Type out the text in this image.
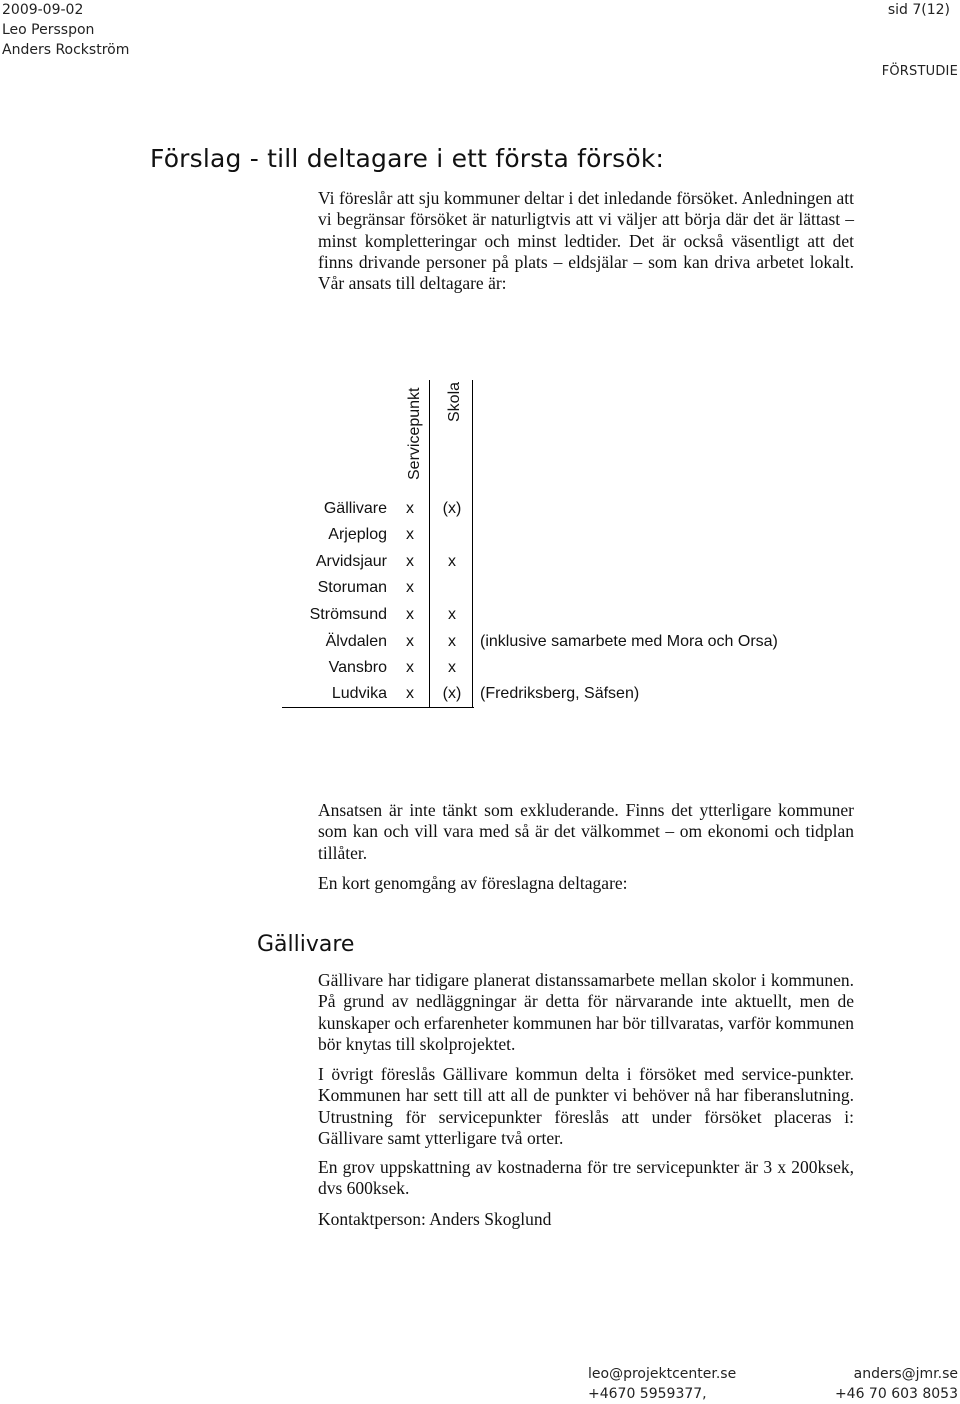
2009-09-02
Leo Persspon
Anders Rockström
sid 7(12)
FÖRSTUDIE
Förslag - till deltagare i ett första försök:

Vi föreslår att sju kommuner deltar i det inledande försöket. Anledningen att vi begränsar försöket är naturligtvis att vi väljer att börja där det är lättast – minst kompletteringar och minst ledtider. Det är också väsentligt att det finns drivande personer på plats – eldsjälar – som kan driva arbetet lokalt. Vår ansats till deltagare är:

Servicepunkt Skola
Gällivare x	(x)
Arjeplog x
Arvidsjaur x	x
Storuman x
Strömsund x	x
Älvdalen x	x	(inklusive samarbete med Mora och Orsa)
Vansbro x	x
Ludvika x	(x)	(Fredriksberg, Säfsen)

Ansatsen är inte tänkt som exkluderande. Finns det ytterligare kommuner som kan och vill vara med så är det välkommet – om ekonomi och tidplan tillåter.

En kort genomgång av föreslagna deltagare:

Gällivare

Gällivare har tidigare planerat distanssamarbete mellan skolor i kommunen. På grund av nedläggningar är detta för närvarande inte aktuellt, men de kunskaper och erfarenheter kommunen har bör tillvaratas, varför kommunen bör knytas till skolprojektet.

I övrigt föreslås Gällivare kommun delta i försöket med service-punkter. Kommunen har sett till att all de punkter vi behöver nå har fiberanslutning. Utrustning för servicepunkter föreslås att under försöket placeras i: Gällivare samt ytterligare två orter.

En grov uppskattning av kostnaderna för tre servicepunkter är 3 x 200ksek, dvs 600ksek.

Kontaktperson: Anders Skoglund

leo@projektcenter.se
+4670 5959377,
anders@jmr.se
+46 70 603 8053
